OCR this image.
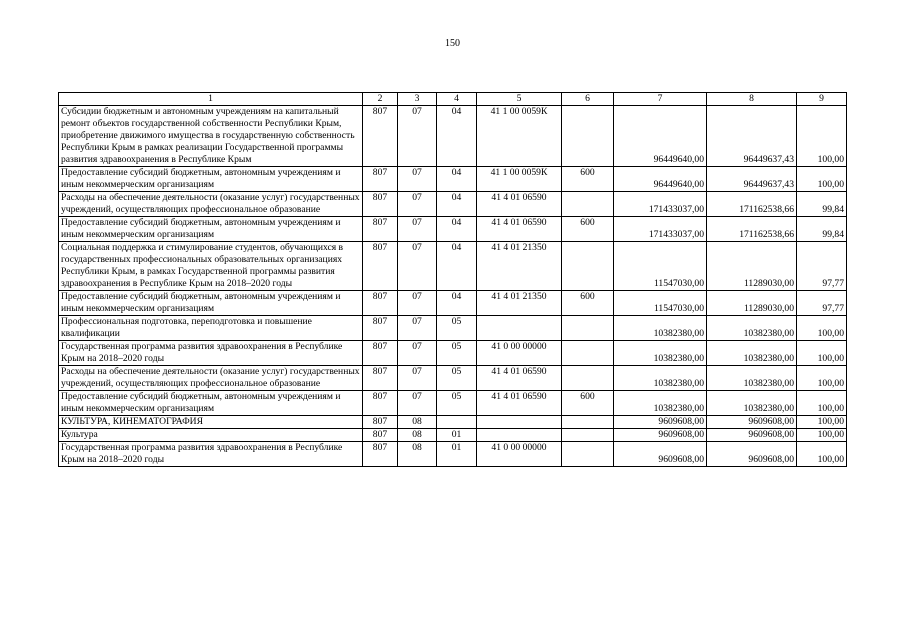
150
1	2	3	4	5	6	7	8	9
Субсидии бюджетным и автономным учреждениям на капитальный ремонт объектов государственной собственности Республики Крым, приобретение движимого имущества в государственную собственность Республики Крым в рамках реализации Государственной программы развития здравоохранения в Республике Крым	807	07	04	41 1 00 0059К		96449640,00	96449637,43	100,00
Предоставление субсидий бюджетным, автономным учреждениям и иным некоммерческим организациям	807	07	04	41 1 00 0059К	600	96449640,00	96449637,43	100,00
Расходы на обеспечение деятельности (оказание услуг) государственных учреждений, осуществляющих профессиональное образование	807	07	04	41 4 01 06590		171433037,00	171162538,66	99,84
Предоставление субсидий бюджетным, автономным учреждениям и иным некоммерческим организациям	807	07	04	41 4 01 06590	600	171433037,00	171162538,66	99,84
Социальная поддержка и стимулирование студентов, обучающихся в государственных профессиональных образовательных организациях Республики Крым, в рамках Государственной программы развития здравоохранения в Республике Крым на 2018–2020 годы	807	07	04	41 4 01 21350		11547030,00	11289030,00	97,77
Предоставление субсидий бюджетным, автономным учреждениям и иным некоммерческим организациям	807	07	04	41 4 01 21350	600	11547030,00	11289030,00	97,77
Профессиональная подготовка, переподготовка и повышение квалификации	807	07	05			10382380,00	10382380,00	100,00
Государственная программа развития здравоохранения в Республике Крым на 2018–2020 годы	807	07	05	41 0 00 00000		10382380,00	10382380,00	100,00
Расходы на обеспечение деятельности (оказание услуг) государственных учреждений, осуществляющих профессиональное образование	807	07	05	41 4 01 06590		10382380,00	10382380,00	100,00
Предоставление субсидий бюджетным, автономным учреждениям и иным некоммерческим организациям	807	07	05	41 4 01 06590	600	10382380,00	10382380,00	100,00
КУЛЬТУРА, КИНЕМАТОГРАФИЯ	807	08				9609608,00	9609608,00	100,00
Культура	807	08	01			9609608,00	9609608,00	100,00
Государственная программа развития здравоохранения в Республике Крым на 2018–2020 годы	807	08	01	41 0 00 00000		9609608,00	9609608,00	100,00
